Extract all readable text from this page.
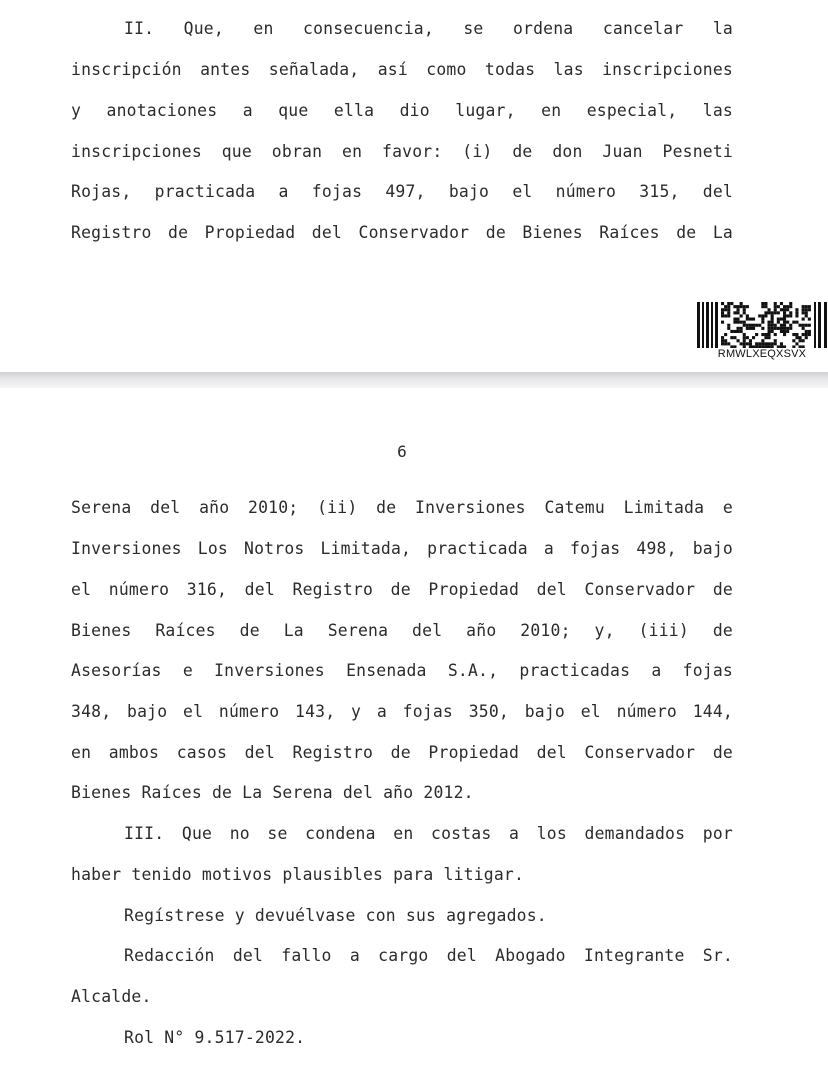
II. Que, en consecuencia, se ordena cancelar la
inscripción antes señalada, así como todas las inscripciones
y anotaciones a que ella dio lugar, en especial, las
inscripciones que obran en favor: (i) de don Juan Pesneti
Rojas, practicada a fojas 497, bajo el número 315, del
Registro de Propiedad del Conservador de Bienes Raíces de La
RMWLXEQXSVX
6
Serena del año 2010; (ii) de Inversiones Catemu Limitada e
Inversiones Los Notros Limitada, practicada a fojas 498, bajo
el número 316, del Registro de Propiedad del Conservador de
Bienes Raíces de La Serena del año 2010; y, (iii) de
Asesorías e Inversiones Ensenada S.A., practicadas a fojas
348, bajo el número 143, y a fojas 350, bajo el número 144,
en ambos casos del Registro de Propiedad del Conservador de
Bienes Raíces de La Serena del año 2012.
III. Que no se condena en costas a los demandados por
haber tenido motivos plausibles para litigar.
Regístrese y devuélvase con sus agregados.
Redacción del fallo a cargo del Abogado Integrante Sr.
Alcalde.
Rol N° 9.517-2022.
